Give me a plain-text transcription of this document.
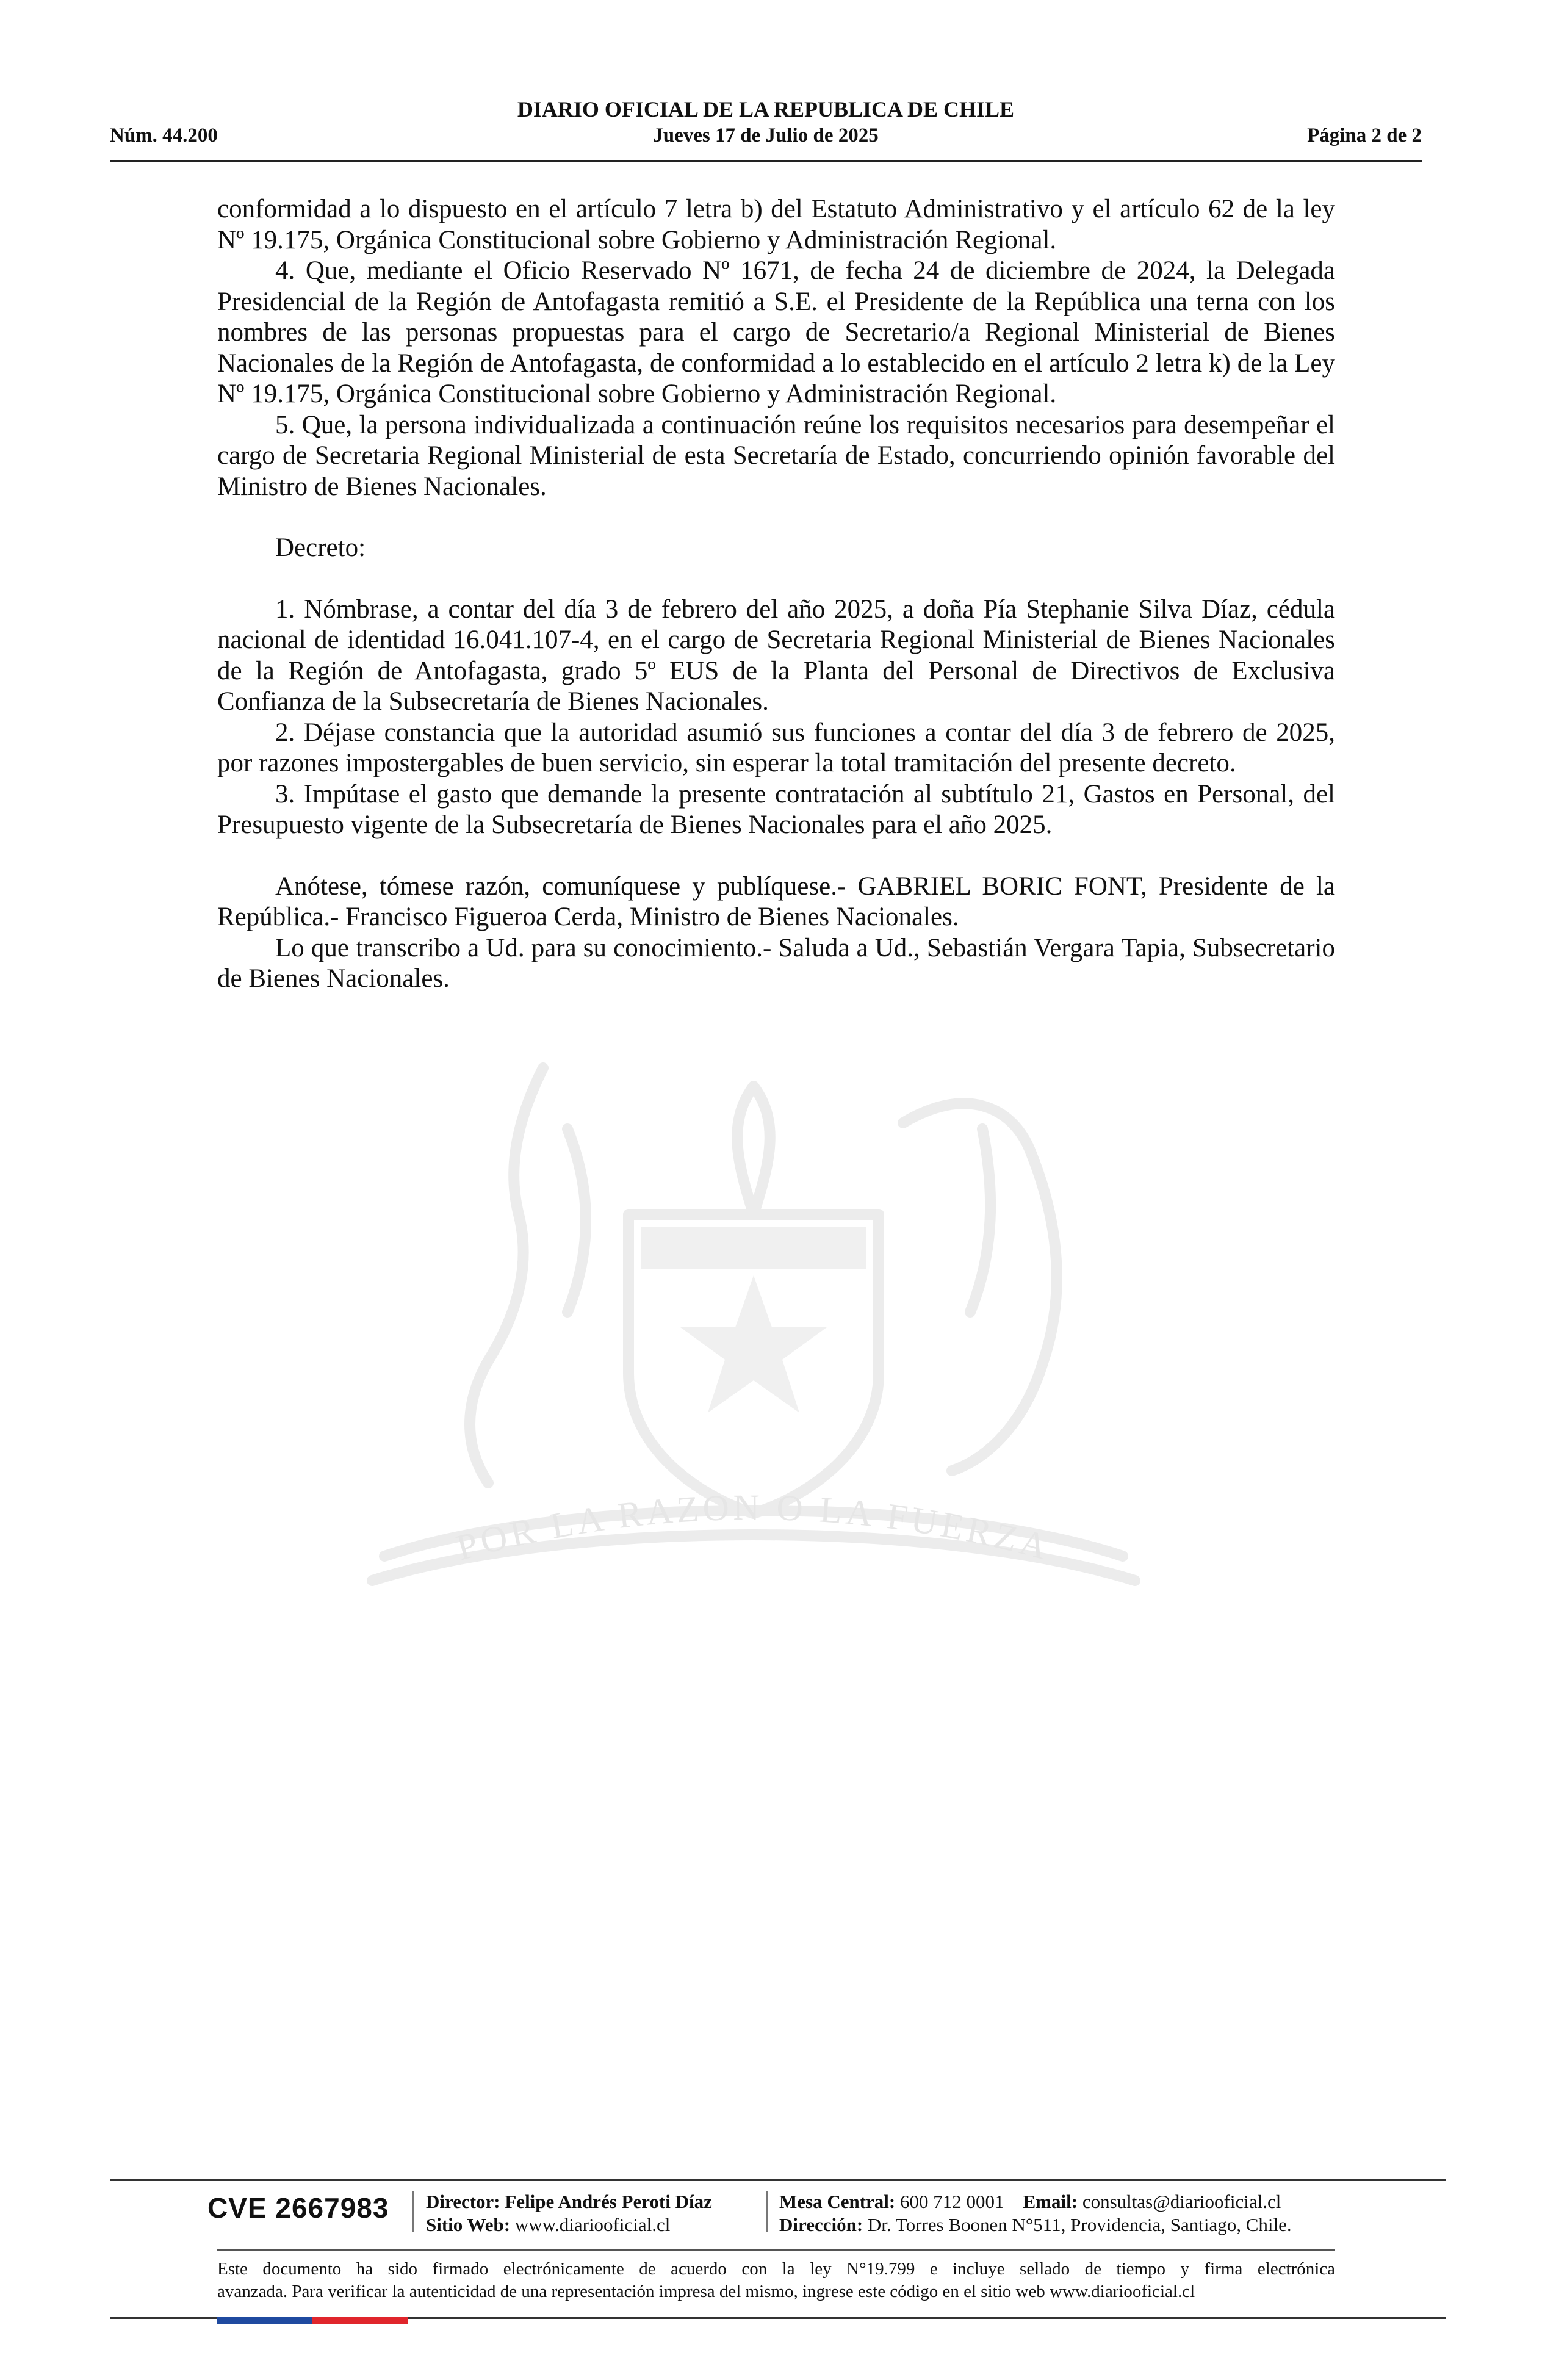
DIARIO OFICIAL DE LA REPUBLICA DE CHILE
Núm. 44.200	Jueves 17 de Julio de 2025	Página 2 de 2
POR LA RAZON O LA FUERZA

conformidad a lo dispuesto en el artículo 7 letra b) del Estatuto Administrativo y el artículo 62 de la ley Nº 19.175, Orgánica Constitucional sobre Gobierno y Administración Regional.

4. Que, mediante el Oficio Reservado Nº 1671, de fecha 24 de diciembre de 2024, la Delegada Presidencial de la Región de Antofagasta remitió a S.E. el Presidente de la República una terna con los nombres de las personas propuestas para el cargo de Secretario/a Regional Ministerial de Bienes Nacionales de la Región de Antofagasta, de conformidad a lo establecido en el artículo 2 letra k) de la Ley Nº 19.175, Orgánica Constitucional sobre Gobierno y Administración Regional.

5. Que, la persona individualizada a continuación reúne los requisitos necesarios para desempeñar el cargo de Secretaria Regional Ministerial de esta Secretaría de Estado, concurriendo opinión favorable del Ministro de Bienes Nacionales.

Decreto:

1. Nómbrase, a contar del día 3 de febrero del año 2025, a doña Pía Stephanie Silva Díaz, cédula nacional de identidad 16.041.107-4, en el cargo de Secretaria Regional Ministerial de Bienes Nacionales de la Región de Antofagasta, grado 5º EUS de la Planta del Personal de Directivos de Exclusiva Confianza de la Subsecretaría de Bienes Nacionales.

2. Déjase constancia que la autoridad asumió sus funciones a contar del día 3 de febrero de 2025, por razones impostergables de buen servicio, sin esperar la total tramitación del presente decreto.

3. Impútase el gasto que demande la presente contratación al subtítulo 21, Gastos en Personal, del Presupuesto vigente de la Subsecretaría de Bienes Nacionales para el año 2025.

Anótese, tómese razón, comuníquese y publíquese.- GABRIEL BORIC FONT, Presidente de la República.- Francisco Figueroa Cerda, Ministro de Bienes Nacionales.

Lo que transcribo a Ud. para su conocimiento.- Saluda a Ud., Sebastián Vergara Tapia, Subsecretario de Bienes Nacionales.

CVE 2667983 Director: Felipe Andrés Peroti Díaz
Sitio Web: www.diariooficial.cl
Mesa Central: 600 712 0001 Email: consultas@diariooficial.cl
Dirección: Dr. Torres Boonen N°511, Providencia, Santiago, Chile.
Este documento ha sido firmado electrónicamente de acuerdo con la ley N°19.799 e incluye sellado de tiempo y firma electrónica
avanzada. Para verificar la autenticidad de una representación impresa del mismo, ingrese este código en el sitio web www.diariooficial.cl
